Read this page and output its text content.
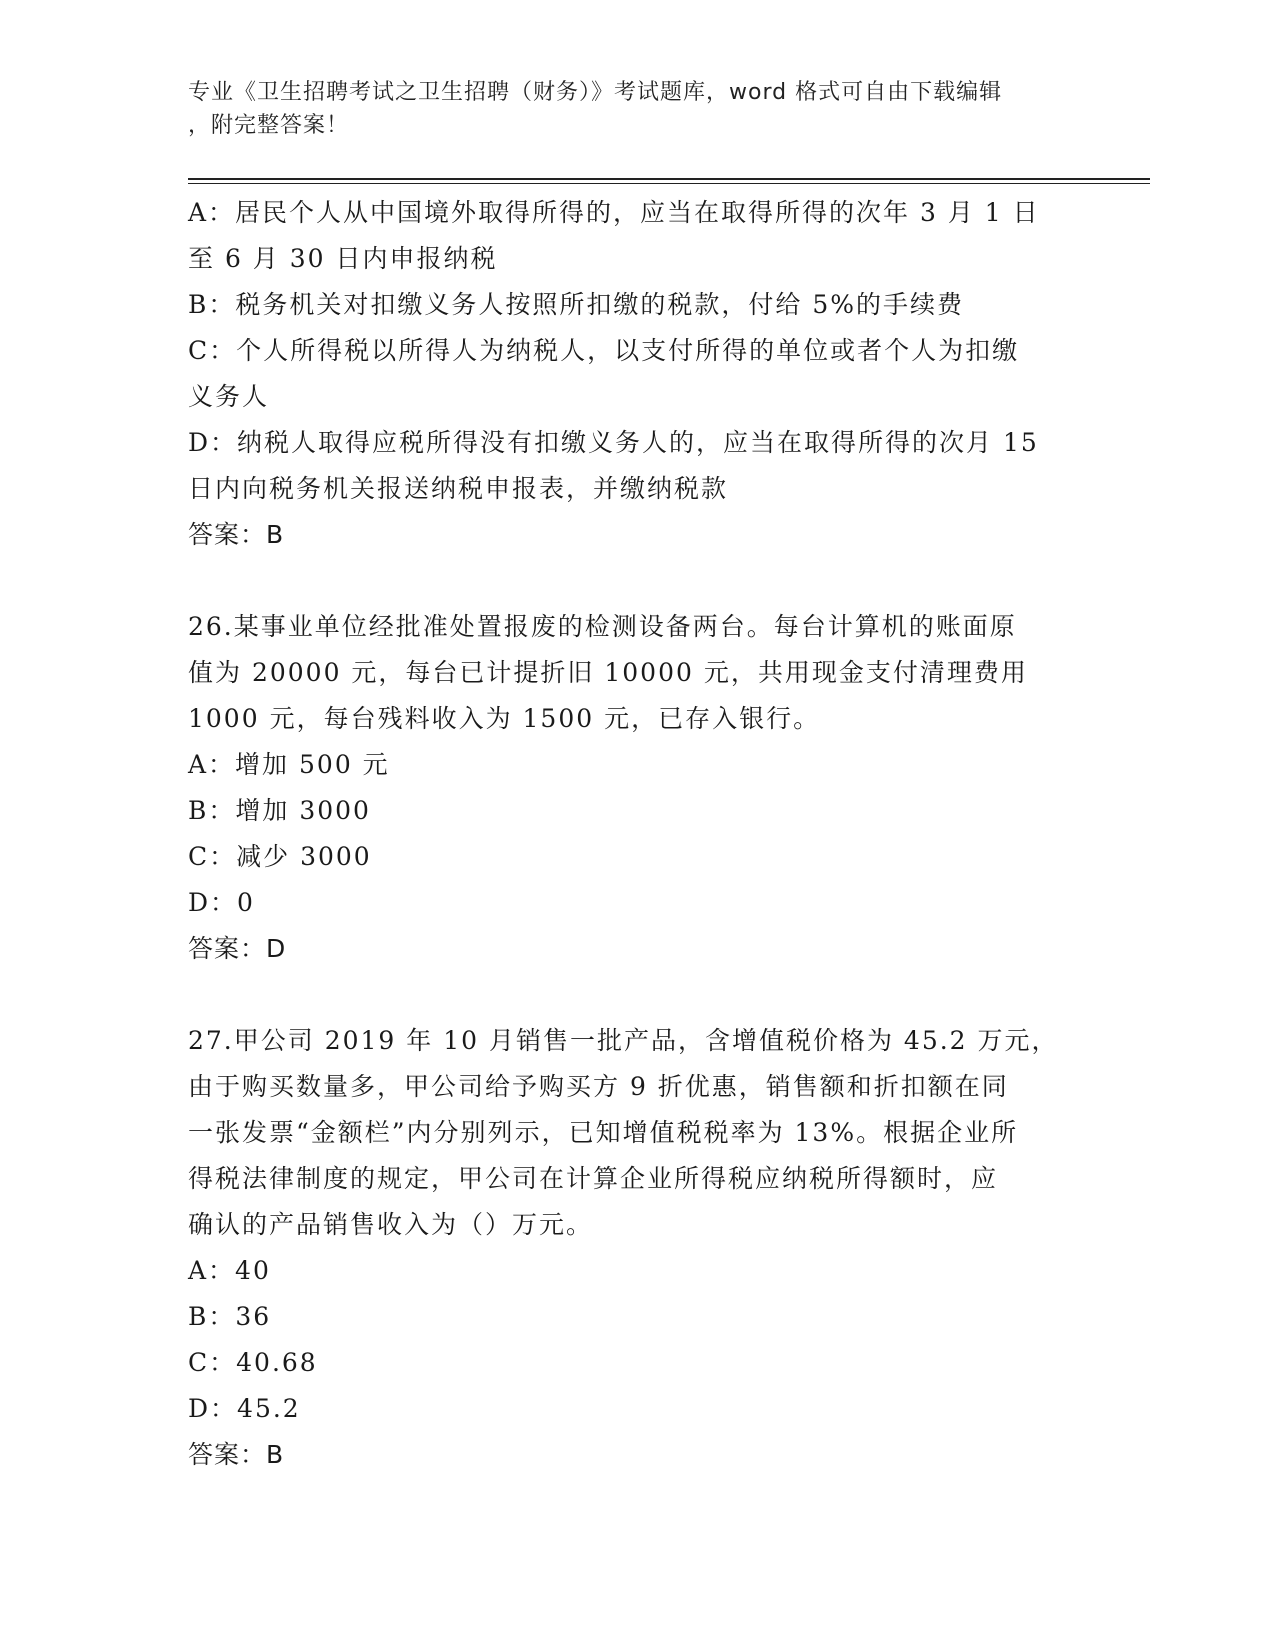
专业《卫生招聘考试之卫生招聘（财务）》考试题库，word 格式可自由下载编辑
，附完整答案！
A：居民个人从中国境外取得所得的，应当在取得所得的次年 3 月 1 日
至 6 月 30 日内申报纳税
B：税务机关对扣缴义务人按照所扣缴的税款，付给 5%的手续费
C：个人所得税以所得人为纳税人，以支付所得的单位或者个人为扣缴
义务人
D：纳税人取得应税所得没有扣缴义务人的，应当在取得所得的次月 15
日内向税务机关报送纳税申报表，并缴纳税款
答案：B
26.某事业单位经批准处置报废的检测设备两台。每台计算机的账面原
值为 20000 元，每台已计提折旧 10000 元，共用现金支付清理费用
1000 元，每台残料收入为 1500 元，已存入银行。
A：增加 500 元
B：增加 3000
C：减少 3000
D：0
答案：D
27.甲公司 2019 年 10 月销售一批产品，含增值税价格为 45.2 万元，
由于购买数量多，甲公司给予购买方 9 折优惠，销售额和折扣额在同
一张发票“金额栏”内分别列示，已知增值税税率为 13%。根据企业所
得税法律制度的规定，甲公司在计算企业所得税应纳税所得额时，应
确认的产品销售收入为（）万元。
A：40
B：36
C：40.68
D：45.2
答案：B
